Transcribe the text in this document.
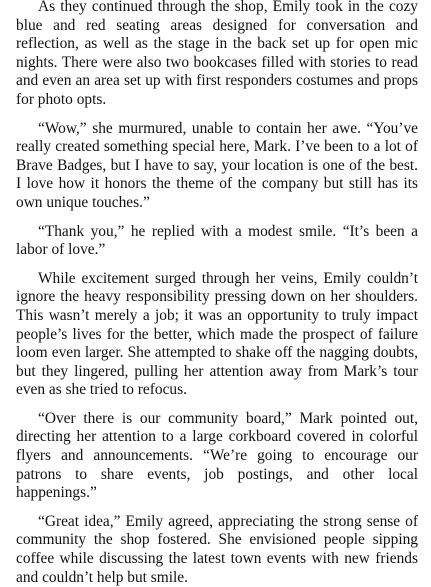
As they continued through the shop, Emily took in the cozy blue and red seating areas designed for conversation and reflection, as well as the stage in the back set up for open mic nights. There were also two bookcases filled with stories to read and even an area set up with first responders costumes and props for photo opts.

“Wow,” she murmured, unable to contain her awe. “You’ve really created something special here, Mark. I’ve been to a lot of Brave Badges, but I have to say, your location is one of the best. I love how it honors the theme of the company but still has its own unique touches.”

“Thank you,” he replied with a modest smile. “It’s been a labor of love.”

While excitement surged through her veins, Emily couldn’t ignore the heavy responsibility pressing down on her shoulders. This wasn’t merely a job; it was an opportunity to truly impact people’s lives for the better, which made the prospect of failure loom even larger. She attempted to shake off the nagging doubts, but they lingered, pulling her attention away from Mark’s tour even as she tried to refocus.

“Over there is our community board,” Mark pointed out, directing her attention to a large corkboard covered in colorful flyers and announcements. “We’re going to encourage our patrons to share events, job postings, and other local happenings.”

“Great idea,” Emily agreed, appreciating the strong sense of community the shop fostered. She envisioned people sipping coffee while discussing the latest town events with new friends and couldn’t help but smile.
